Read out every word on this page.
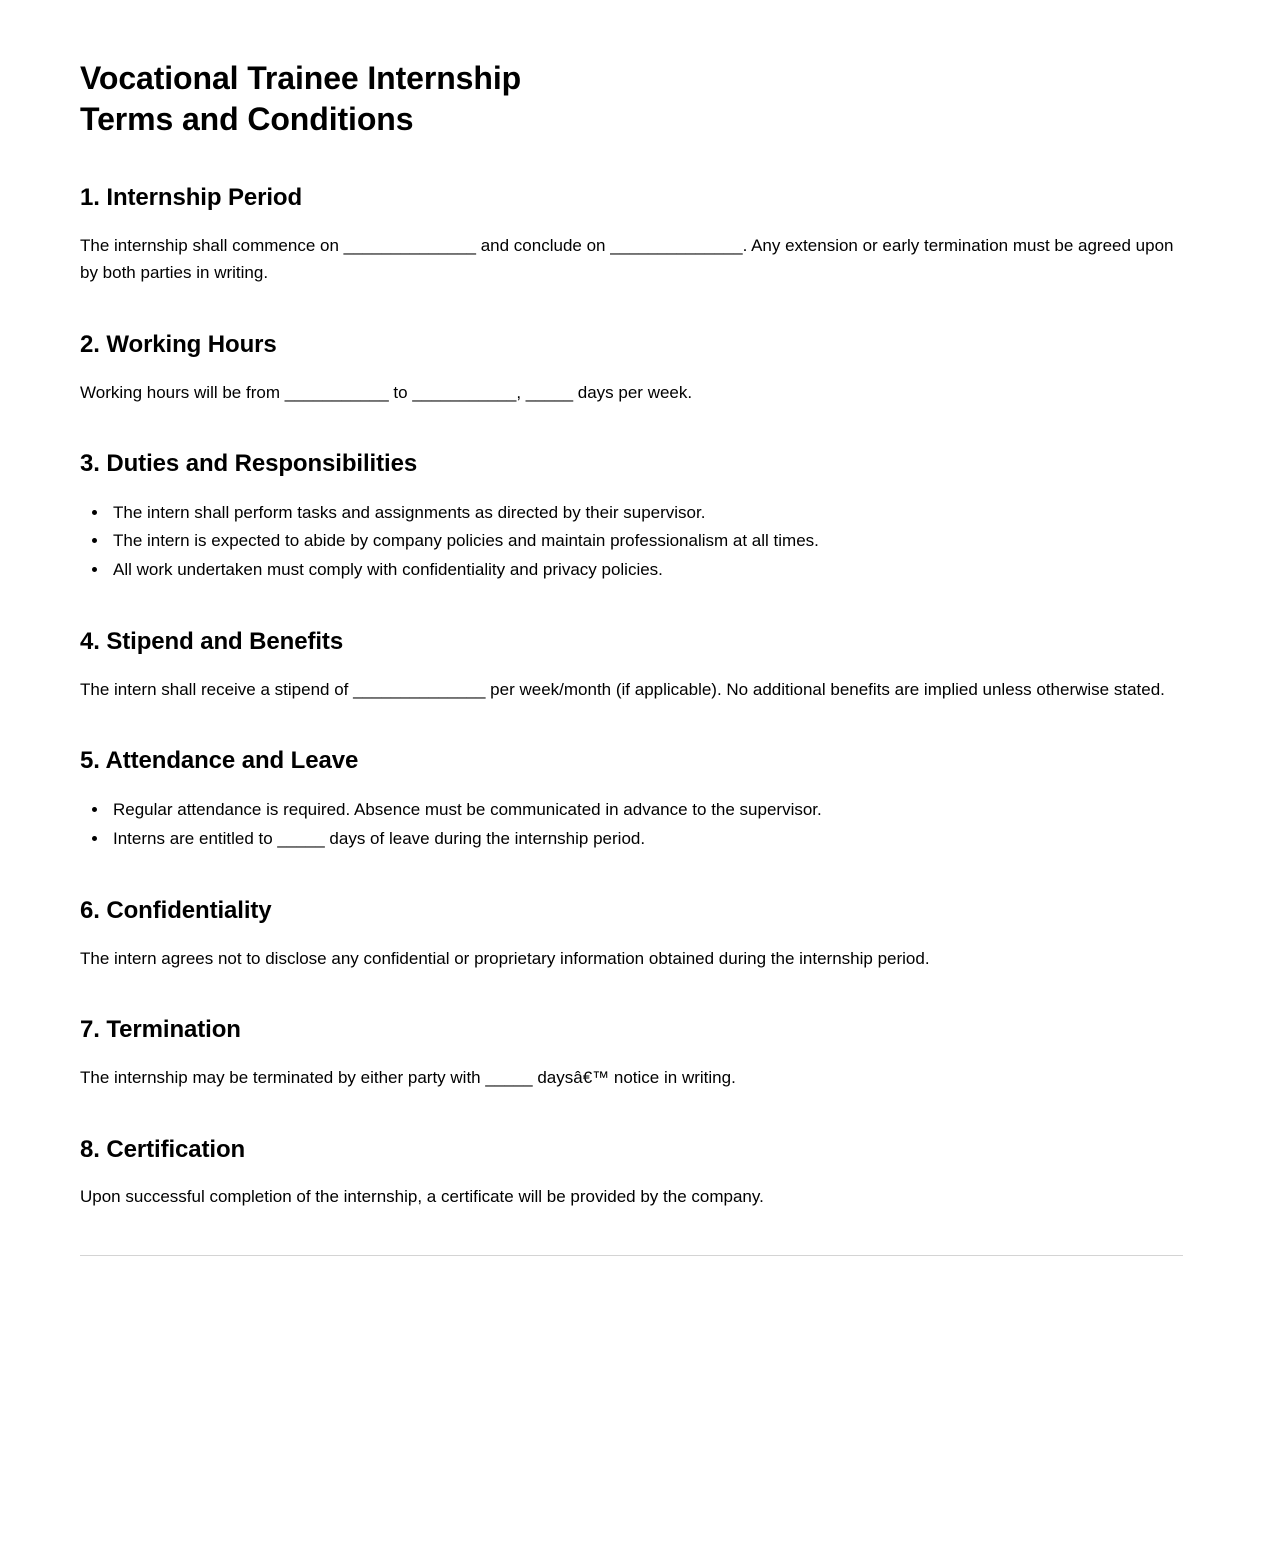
Vocational Trainee Internship
Terms and Conditions
1. Internship Period

The internship shall commence on ______________ and conclude on ______________. Any extension or early termination must be agreed upon by both parties in writing.

2. Working Hours

Working hours will be from ___________ to ___________, _____ days per week.

3. Duties and Responsibilities
• The intern shall perform tasks and assignments as directed by their supervisor.
• The intern is expected to abide by company policies and maintain professionalism at all times.
• All work undertaken must comply with confidentiality and privacy policies.
4. Stipend and Benefits

The intern shall receive a stipend of ______________ per week/month (if applicable). No additional benefits are implied unless otherwise stated.

5. Attendance and Leave
• Regular attendance is required. Absence must be communicated in advance to the supervisor.
• Interns are entitled to _____ days of leave during the internship period.
6. Confidentiality

The intern agrees not to disclose any confidential or proprietary information obtained during the internship period.

7. Termination

The internship may be terminated by either party with _____ daysâ€™ notice in writing.

8. Certification

Upon successful completion of the internship, a certificate will be provided by the company.
